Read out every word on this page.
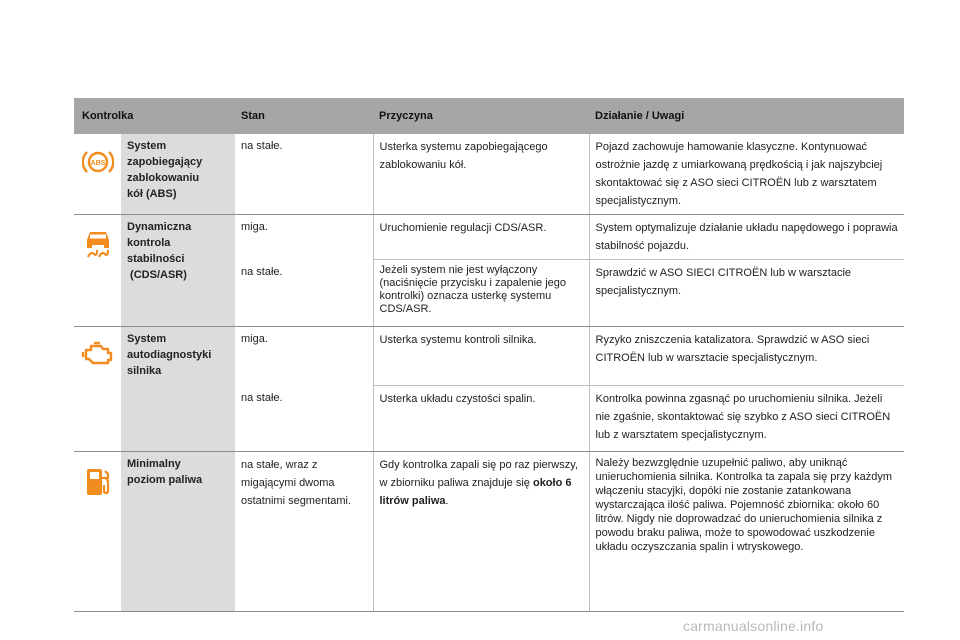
Kontrolka		Stan	Przyczyna	Działanie / Uwagi

ABS	System
zapobiegający
zablokowaniu
kół (ABS)	na stałe.	Usterka systemu zapobiegającego zablokowaniu kół.	Pojazd zachowuje hamowanie klasyczne. Kontynuować ostrożnie jazdę z umiarkowaną prędkością i jak najszybciej skontaktować się z ASO sieci CITROËN lub z warsztatem specjalistycznym.

Dynamiczna
kontrola
stabilności
(CDS/ASR)	miga.	Uruchomienie regulacji CDS/ASR.	System optymalizuje działanie układu napędowego i poprawia stabilność pojazdu.
		na stałe.	Jeżeli system nie jest wyłączony (naciśnięcie przycisku i zapalenie jego kontrolki) oznacza usterkę systemu CDS/ASR.	Sprawdzić w ASO SIECI CITROËN lub w warsztacie specjalistycznym.

System
autodiagnostyki
silnika	miga.	Usterka systemu kontroli silnika.	Ryzyko zniszczenia katalizatora. Sprawdzić w ASO sieci CITROËN lub w warsztacie specjalistycznym.
		na stałe.	Usterka układu czystości spalin.	Kontrolka powinna zgasnąć po uruchomieniu silnika. Jeżeli nie zgaśnie, skontaktować się szybko z ASO sieci CITROËN lub z warsztatem specjalistycznym.

Minimalny
poziom paliwa	na stałe, wraz z migającymi dwoma ostatnimi segmentami.	Gdy kontrolka zapali się po raz pierwszy, w zbiorniku paliwa znajduje się około 6 litrów paliwa.	Należy bezwzględnie uzupełnić paliwo, aby uniknąć unieruchomienia silnika. Kontrolka ta zapala się przy każdym włączeniu stacyjki, dopóki nie zostanie zatankowana wystarczająca ilość paliwa. Pojemność zbiornika: około 60 litrów. Nigdy nie doprowadzać do unieruchomienia silnika z powodu braku paliwa, może to spowodować uszkodzenie układu oczyszczania spalin i wtryskowego.
carmanualsonline.info
